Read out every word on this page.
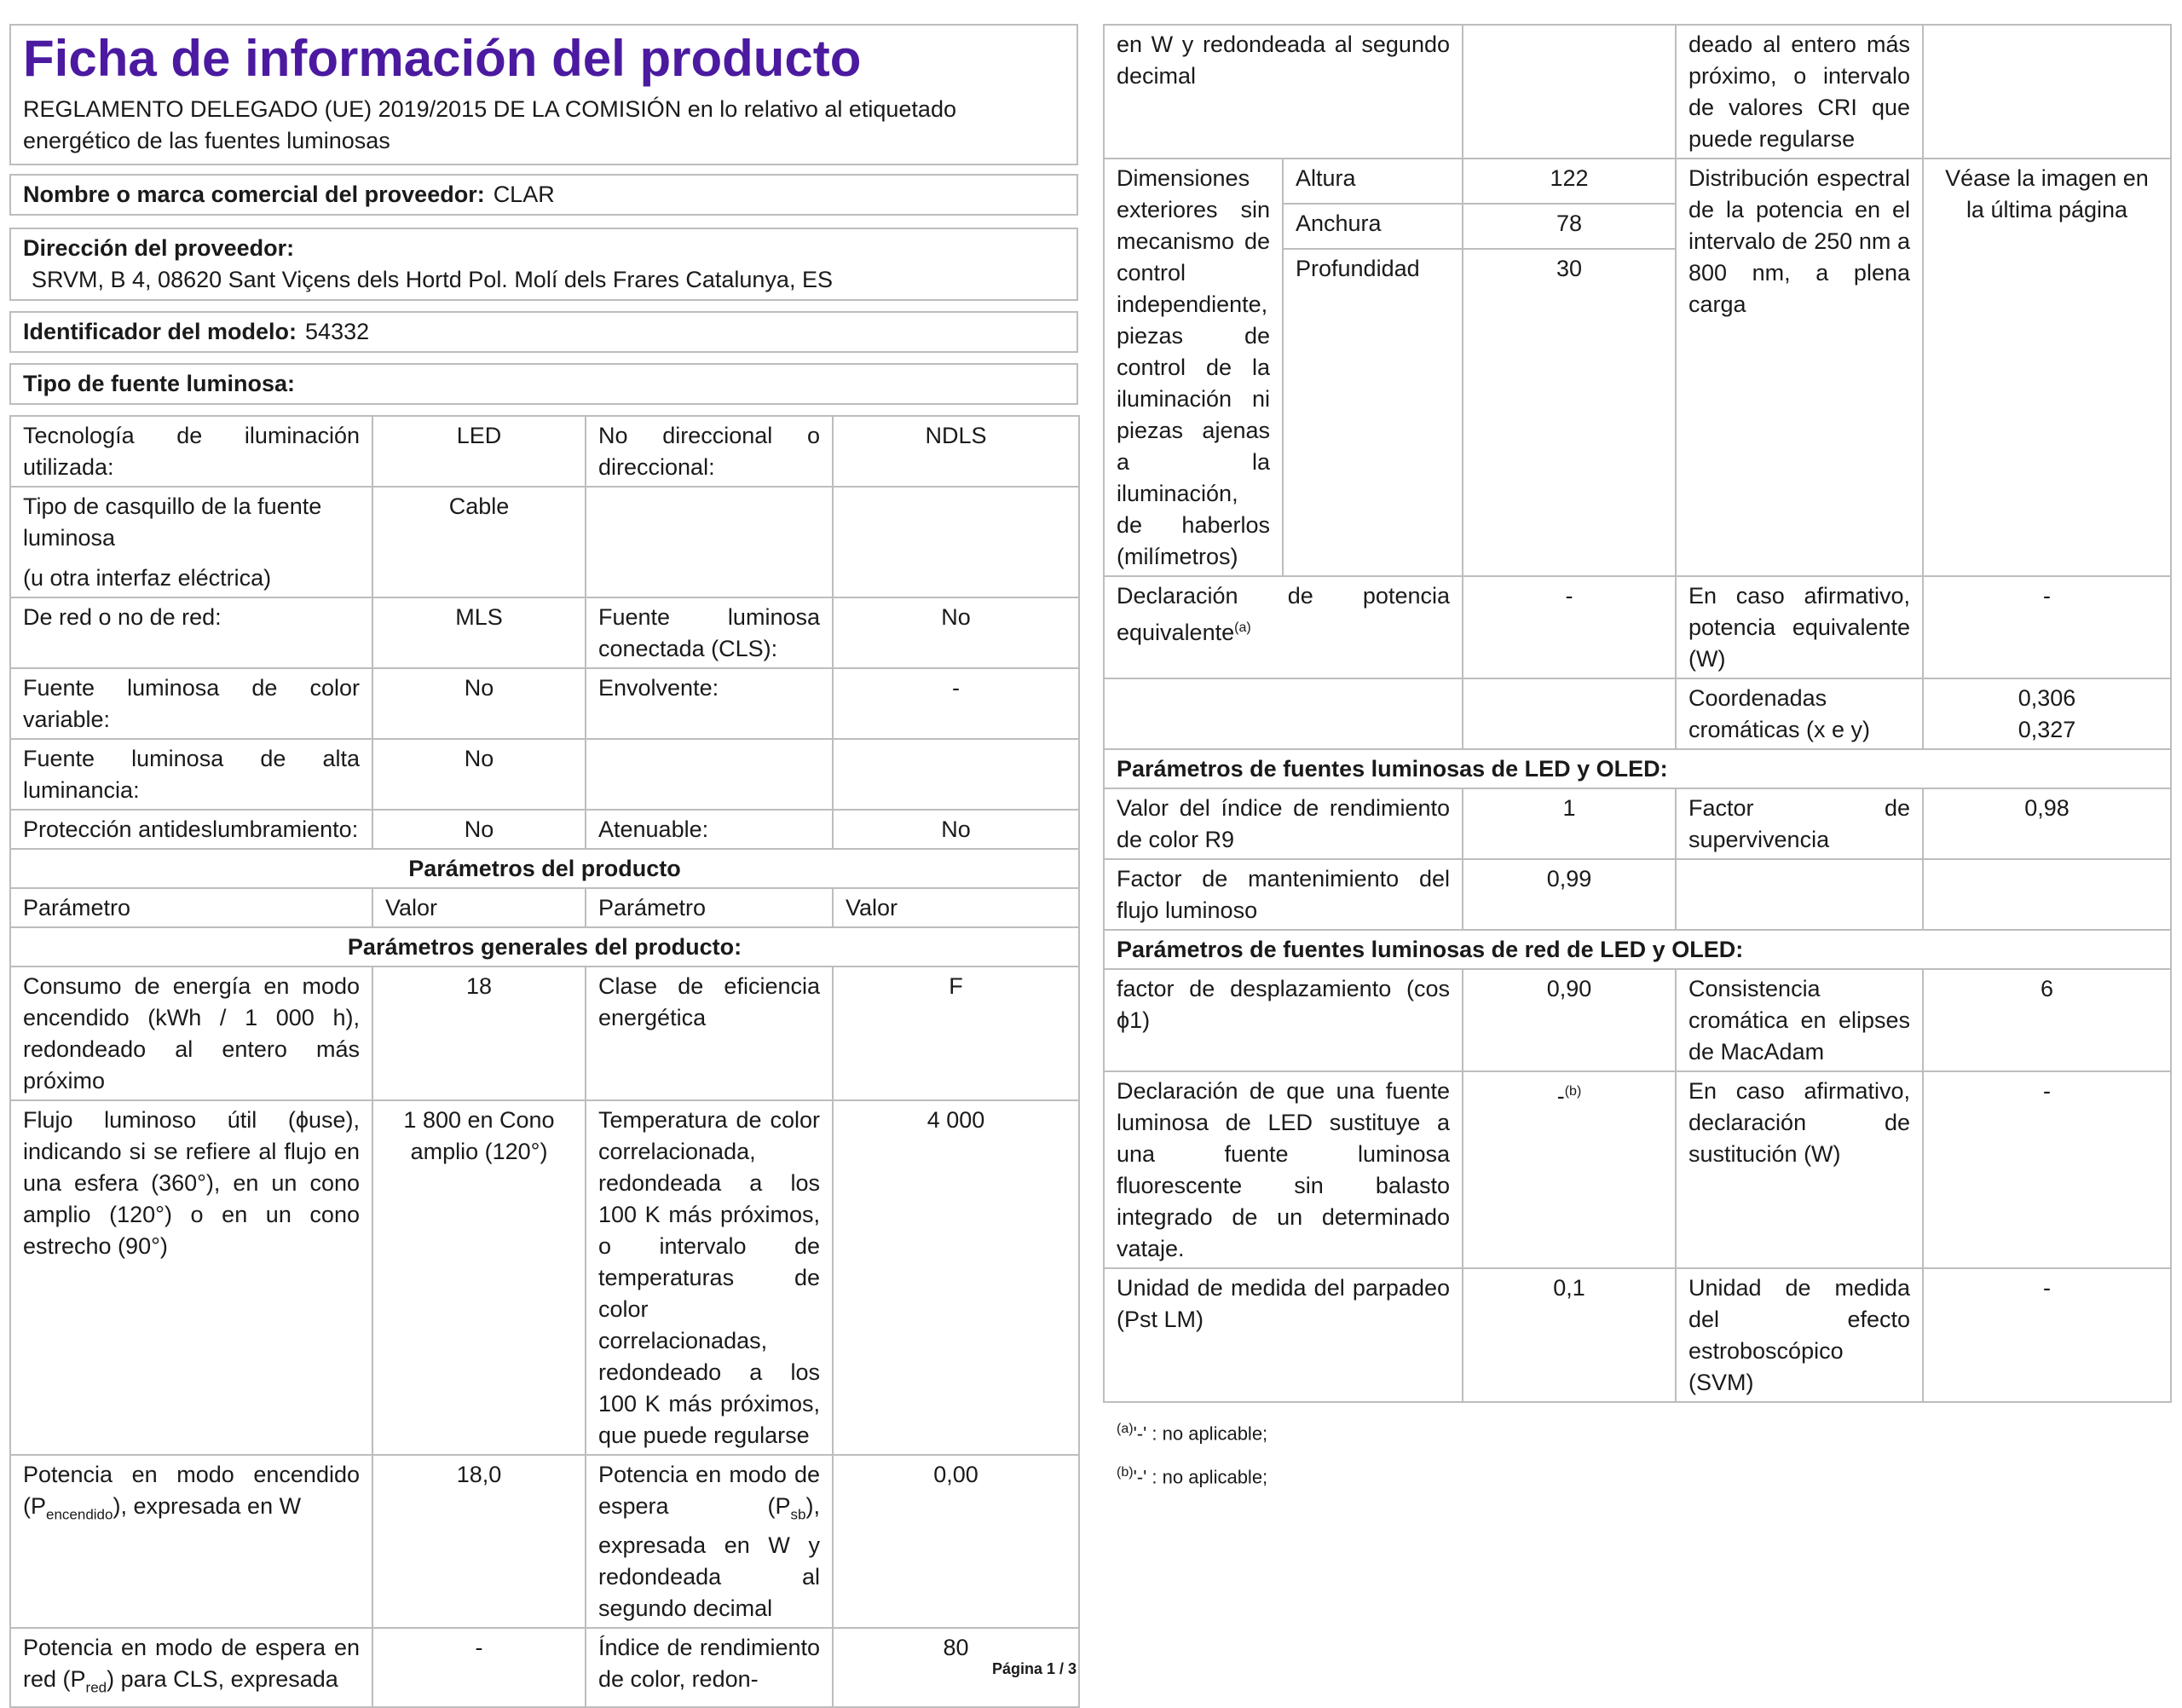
Ficha de información del producto
REGLAMENTO DELEGADO (UE) 2019/2015 DE LA COMISIÓN en lo relativo al etiquetado energético de las fuentes luminosas
Nombre o marca comercial del proveedor: CLAR
Dirección del proveedor:SRVM, B 4, 08620 Sant Viçens dels Hortd Pol. Molí dels Frares Catalunya, ES
Identificador del modelo: 54332
Tipo de fuente luminosa:
Tecnología de iluminación utilizada:	LED	No direccional o direccional:	NDLS
Tipo de casquillo de la fuente luminosa
(u otra interfaz eléctrica)	Cable		
De red o no de red:	MLS	Fuente luminosa conectada (CLS):	No
Fuente luminosa de color variable:	No	Envolvente:	-
Fuente luminosa de alta luminancia:	No		
Protección antideslumbramiento:	No	Atenuable:	No
Parámetros del producto			
Parámetro	Valor	Parámetro	Valor
Parámetros generales del producto:			
Consumo de energía en modo encendido (kWh / 1 000 h), redondeado al entero más próximo	18	Clase de eficiencia energética	F
Flujo luminoso útil (ϕuse), indicando si se refiere al flujo en una esfera (360°), en un cono amplio (120°) o en un cono estrecho (90°)	1 800 en Cono amplio (120°)	Temperatura de color correlacionada, redondeada a los 100 K más próximos, o intervalo de temperaturas de color correlacionadas, redondeado a los 100 K más próximos, que puede regularse	4 000
Potencia en modo encendido $(P_{encendido})$, expresada en W	18,0	Potencia en modo de espera $(P_{sb})$, expresada en W y redondeada al segundo decimal	0,00
Potencia en modo de espera en red $(P_{red})$ para CLS, expresada	-	Índice de rendimiento de color, redon-	80
en W y redondeada al segundo decimal			deado al entero más próximo, o intervalo de valores CRI que puede regularse	
Dimensiones exteriores sin mecanismo de control independiente, piezas de control de la iluminación ni piezas ajenas a la iluminación, de haberlos (milímetros)	Altura	122	Distribución espectral de la potencia en el intervalo de 250 nm a 800 nm, a plena carga	Véase la imagen en la última página
	Anchura	78		
	Profundidad	30		
Declaración de potencia equivalente$^{(a)}$		-	En caso afirmativo, potencia equivalente (W)	-
			Coordenadas cromáticas (x e y)	0,306
0,327
Parámetros de fuentes luminosas de LED y OLED:				
Valor del índice de rendimiento de color R9		1	Factor de supervivencia	0,98
Factor de mantenimiento del flujo luminoso		0,99		
Parámetros de fuentes luminosas de red de LED y OLED:				
factor de desplazamiento (cos ϕ1)		0,90	Consistencia cromática en elipses de MacAdam	6
Declaración de que una fuente luminosa de LED sustituye a una fuente luminosa fluorescente sin balasto integrado de un determinado vataje.		-$^{(b)}$	En caso afirmativo, declaración de sustitución (W)	-
Unidad de medida del parpadeo (Pst LM)		0,1	Unidad de medida del efecto estroboscópico (SVM)	-
$^{(a)}$'-' : no aplicable;
$^{(b)}$'-' : no aplicable;
Página 1 / 3
